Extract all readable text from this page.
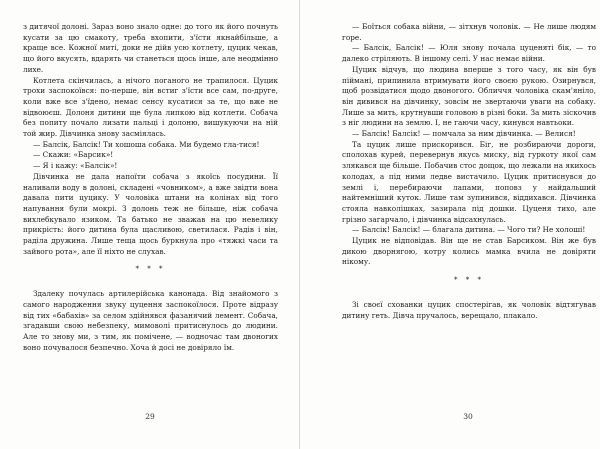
з дитячої долоні. Зараз воно знало одне: до того як його почнуть кусати за цю смакоту, треба вхопити, з'їсти якнайбільше, а краще все. Кожної миті, доки не дійв усю котлету, цуцик чекав, що його вкусять, вдарять чи станеться щось інше, але неодмінно лихе.

Котлета скінчилась, а нічого поганого не трапилося. Цуцик трохи заспокоївся: по-перше, він встиг з'їсти все сам, по-друге, коли вже все з'їдено, немає сенсу кусатися за те, що вже не відвоюєш. Долоня дитини ще була липкою від котлети. Собача без попиту почало лизати пальці і долоню, вишукуючи на ній той жир. Дівчинка знову засміялась.

— Балсік, Балсік! Ти хошоша собака. Ми будемо гла-тися!

— Скажи: «Барсик»!

— Я і кажу: «Балсік»!

Дівчинка не дала напоїти собача з якоїсь посудини. Її наливали воду в долоні, складені «човником», а вже звідти вона давала пити цуцику. У чоловіка штани на колінах від того напування були мокрі. З долонь теж не більше, ніж собача вихлебкувало язиком. Та батько не зважав на цю невелику прикрість: його дитина була щасливою, светилася. Радів і він, раділа дружина. Лише теща щось буркнула про «тяжкі часи та зайвого рота», але її ніхто не слухав.

* * *

Здалеку почулась артилерійська канонада. Від знайомого з самого народження звуку цуцення заспокоїлося. Проте відразу від тих «бабахів» за селом здійнявся фазанячий лемент. Собача, згадавши свою небезпеку, мимоволі притиснулось до людини. Але то знову ми, з тим, як помічене, — водночас там двоногих воно почувалося безпечно. Хоча й досі не довіряло їм.

29

— Боїться собака війни, — зітхнув чоловік. — Не лише людям горе.

— Балсік, Балсік! — Юля знову почала цуценяті бік, — то далеко стріляють. В іншому селі. У нас немає війни.

Цуцик відчув, що людина вперше з того часу, як він був піймані, припинила втримувати його своєю рукою. Озирнувся, щоб розвідатися щодо двоногого. Обличчя чоловіка скам'яніло, він дивився на дівчинку, зовсім не звертаючи уваги на собаку. Лише за мить, крутнувши головою в різні боки. За мить зіскочив з ніг людини на землю. І, не гаючи часу, кинувся навтьоки.

— Балсік! Балсік! — помчала за ним дівчинка. — Велися!

Та цуцик лише прискорився. Біг, не розбираючи дороги, сполохав курей, перевернув якусь миску, від гуркоту якої сам злякався ще більше. Побачив стос дощок, що лежали на якихось колодах, а під ними ледве вистачило. Цуцик притиснувся до землі і, перебираючи лапами, поповз у найдальший найтемніший куток. Лише там зупинився, віддихався. Дівчинка стояла навколішках, зазирала під дошки. Цуценя тихо, але грізно загарчало, і дівчинка відсахнулась.

— Балсік! Балсік! — благала дитина. — Чого ти? Не холоші!

Цуцик не відповідав. Він ще не став Барсиком. Він же був дикою дворнягою, котру колись мамка вчила не довіряти нікому.

* * *

Зі своєї схованки цуцик спостерігав, як чоловік відтягував дитину геть. Дівча пручалось, верещало, плакало.

30
